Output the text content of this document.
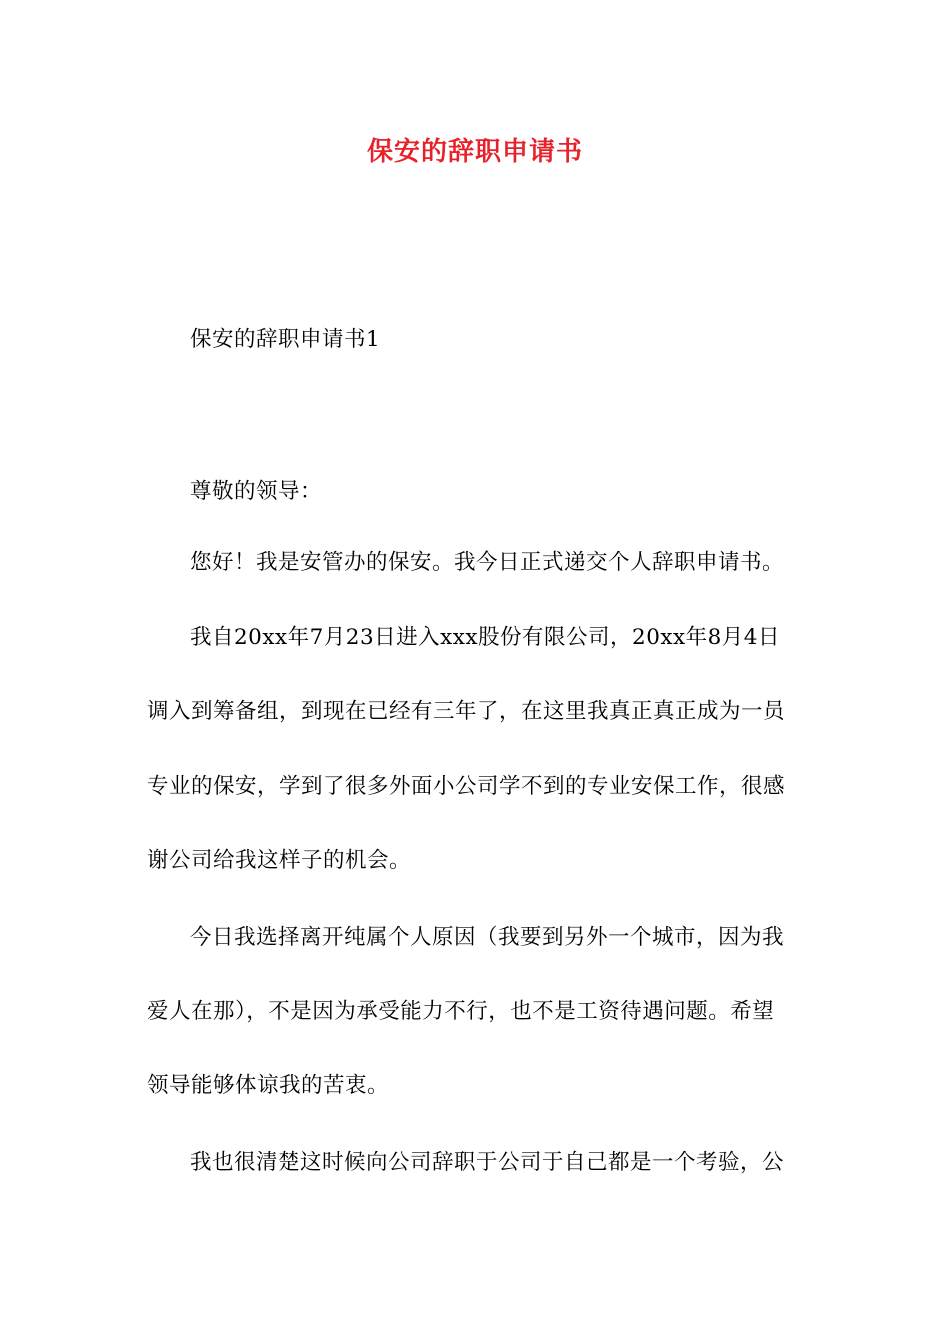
保安的辞职申请书
保安的辞职申请书1
尊敬的领导：
您好！我是安管办的保安。我今日正式递交个人辞职申请书。
我自20xx年7月23日进入xxx股份有限公司，20xx年8月4日
调入到筹备组，到现在已经有三年了，在这里我真正真正成为一员
专业的保安，学到了很多外面小公司学不到的专业安保工作，很感
谢公司给我这样子的机会。
今日我选择离开纯属个人原因（我要到另外一个城市，因为我
爱人在那），不是因为承受能力不行，也不是工资待遇问题。希望
领导能够体谅我的苦衷。
我也很清楚这时候向公司辞职于公司于自己都是一个考验，公
